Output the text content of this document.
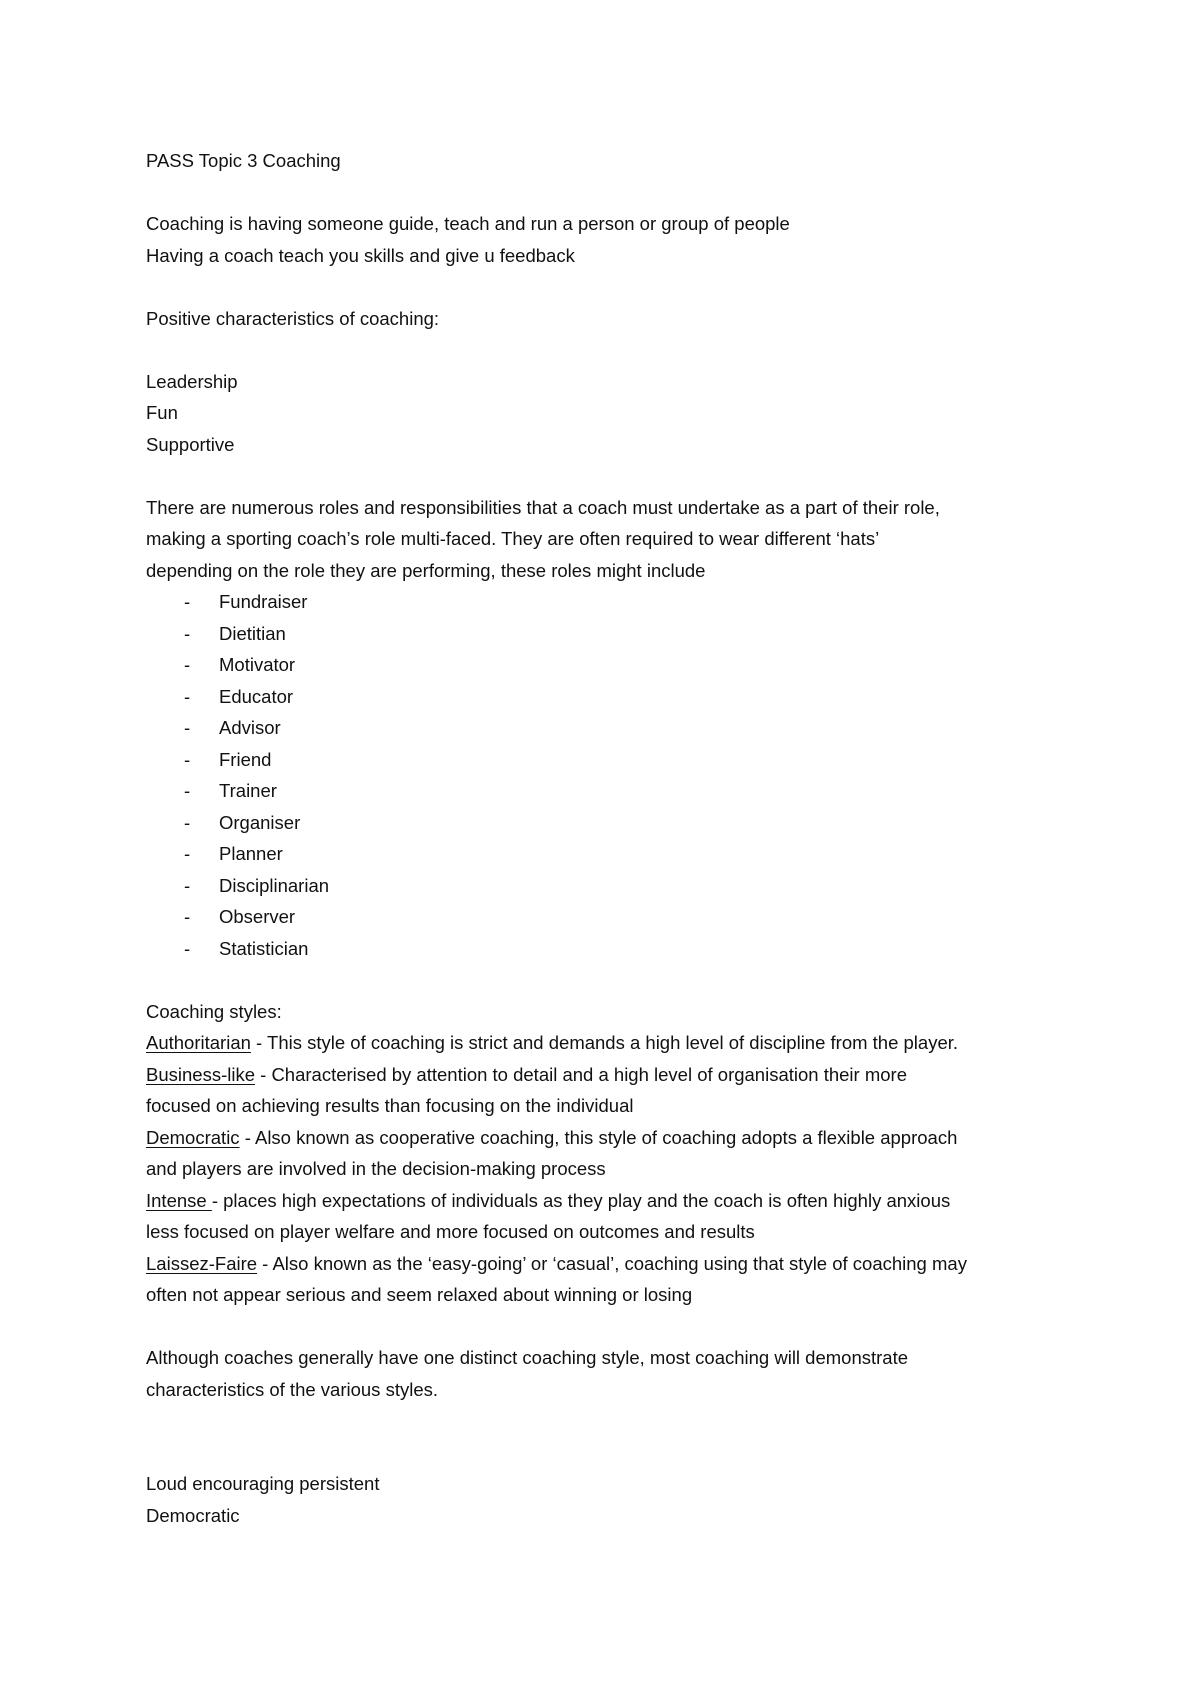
PASS Topic 3 Coaching
Coaching is having someone guide, teach and run a person or group of people
Having a coach teach you skills and give u feedback
Positive characteristics of coaching:
Leadership
Fun
Supportive
There are numerous roles and responsibilities that a coach must undertake as a part of their role,
making a sporting coach’s role multi-faced. They are often required to wear different ‘hats’
depending on the role they are performing, these roles might include
- Fundraiser
- Dietitian
- Motivator
- Educator
- Advisor
- Friend
- Trainer
- Organiser
- Planner
- Disciplinarian
- Observer
- Statistician
Coaching styles:
Authoritarian - This style of coaching is strict and demands a high level of discipline from the player.
Business-like - Characterised by attention to detail and a high level of organisation their more
focused on achieving results than focusing on the individual
Democratic - Also known as cooperative coaching, this style of coaching adopts a flexible approach
and players are involved in the decision-making process
Intense - places high expectations of individuals as they play and the coach is often highly anxious
less focused on player welfare and more focused on outcomes and results
Laissez-Faire - Also known as the ‘easy-going’ or ‘casual’, coaching using that style of coaching may
often not appear serious and seem relaxed about winning or losing
Although coaches generally have one distinct coaching style, most coaching will demonstrate
characteristics of the various styles.
Loud encouraging persistent
Democratic
